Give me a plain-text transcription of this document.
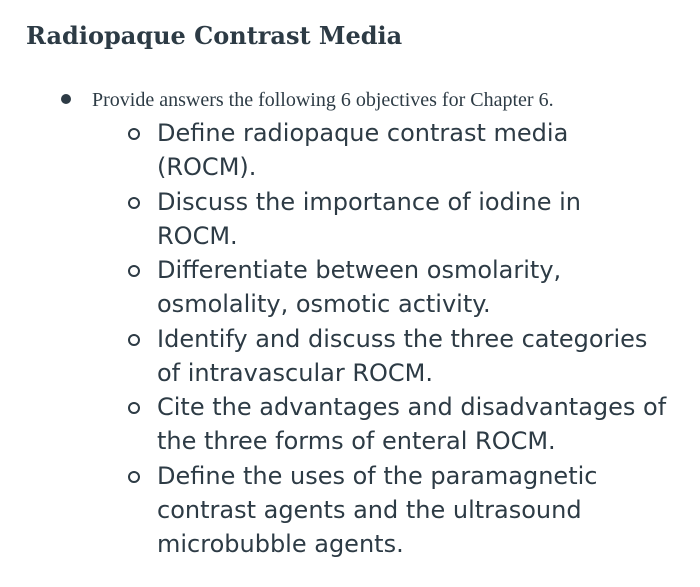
Radiopaque Contrast Media
Provide answers the following 6 objectives for Chapter 6.
Define radiopaque contrast media
(ROCM).
Discuss the importance of iodine in
ROCM.
Differentiate between osmolarity,
osmolality, osmotic activity.
Identify and discuss the three categories
of intravascular ROCM.
Cite the advantages and disadvantages of
the three forms of enteral ROCM.
Define the uses of the paramagnetic
contrast agents and the ultrasound
microbubble agents.
